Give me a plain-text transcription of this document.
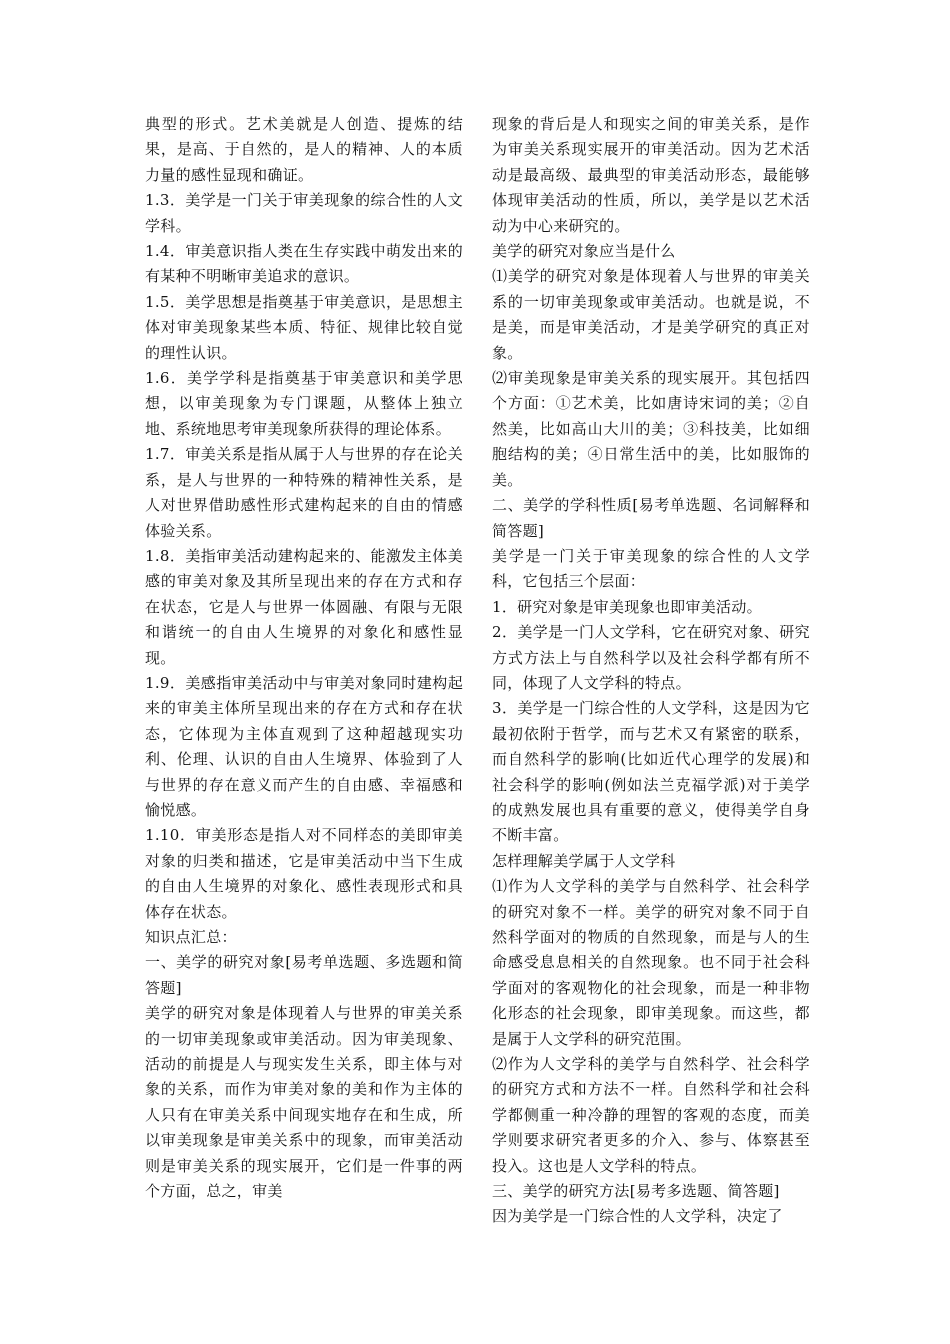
典型的形式。艺术美就是人创造、提炼的结果，是高、于自然的，是人的精神、人的本质力量的感性显现和确证。

1.3．美学是一门关于审美现象的综合性的人文学科。

1.4．审美意识指人类在生存实践中萌发出来的有某种不明晰审美追求的意识。

1.5．美学思想是指奠基于审美意识，是思想主体对审美现象某些本质、特征、规律比较自觉的理性认识。

1.6．美学学科是指奠基于审美意识和美学思想，以审美现象为专门课题，从整体上独立地、系统地思考审美现象所获得的理论体系。

1.7．审美关系是指从属于人与世界的存在论关系，是人与世界的一种特殊的精神性关系，是人对世界借助感性形式建构起来的自由的情感体验关系。

1.8．美指审美活动建构起来的、能激发主体美感的审美对象及其所呈现出来的存在方式和存在状态，它是人与世界一体圆融、有限与无限和谐统一的自由人生境界的对象化和感性显现。

1.9．美感指审美活动中与审美对象同时建构起来的审美主体所呈现出来的存在方式和存在状态，它体现为主体直观到了这种超越现实功利、伦理、认识的自由人生境界、体验到了人与世界的存在意义而产生的自由感、幸福感和愉悦感。

1.10．审美形态是指人对不同样态的美即审美对象的归类和描述，它是审美活动中当下生成的自由人生境界的对象化、感性表现形式和具体存在状态。

知识点汇总：

一、美学的研究对象[易考单选题、多选题和简答题]

美学的研究对象是体现着人与世界的审美关系的一切审美现象或审美活动。因为审美现象、活动的前提是人与现实发生关系，即主体与对象的关系，而作为审美对象的美和作为主体的人只有在审美关系中间现实地存在和生成，所以审美现象是审美关系中的现象，而审美活动则是审美关系的现实展开，它们是一件事的两个方面，总之，审美

现象的背后是人和现实之间的审美关系，是作为审美关系现实展开的审美活动。因为艺术活动是最高级、最典型的审美活动形态，最能够体现审美活动的性质，所以，美学是以艺术活动为中心来研究的。

美学的研究对象应当是什么

⑴美学的研究对象是体现着人与世界的审美关系的一切审美现象或审美活动。也就是说，不是美，而是审美活动，才是美学研究的真正对象。

⑵审美现象是审美关系的现实展开。其包括四个方面：①艺术美，比如唐诗宋词的美；②自然美，比如高山大川的美；③科技美，比如细胞结构的美；④日常生活中的美，比如服饰的美。

二、美学的学科性质[易考单选题、名词解释和简答题]

美学是一门关于审美现象的综合性的人文学科，它包括三个层面：

1．研究对象是审美现象也即审美活动。

2．美学是一门人文学科，它在研究对象、研究方式方法上与自然科学以及社会科学都有所不同，体现了人文学科的特点。

3．美学是一门综合性的人文学科，这是因为它最初依附于哲学，而与艺术又有紧密的联系，而自然科学的影响(比如近代心理学的发展)和社会科学的影响(例如法兰克福学派)对于美学的成熟发展也具有重要的意义，使得美学自身不断丰富。

怎样理解美学属于人文学科

⑴作为人文学科的美学与自然科学、社会科学的研究对象不一样。美学的研究对象不同于自然科学面对的物质的自然现象，而是与人的生命感受息息相关的自然现象。也不同于社会科学面对的客观物化的社会现象，而是一种非物化形态的社会现象，即审美现象。而这些，都是属于人文学科的研究范围。

⑵作为人文学科的美学与自然科学、社会科学的研究方式和方法不一样。自然科学和社会科学都侧重一种冷静的理智的客观的态度，而美学则要求研究者更多的介入、参与、体察甚至投入。这也是人文学科的特点。

三、美学的研究方法[易考多选题、简答题]

因为美学是一门综合性的人文学科，决定了
